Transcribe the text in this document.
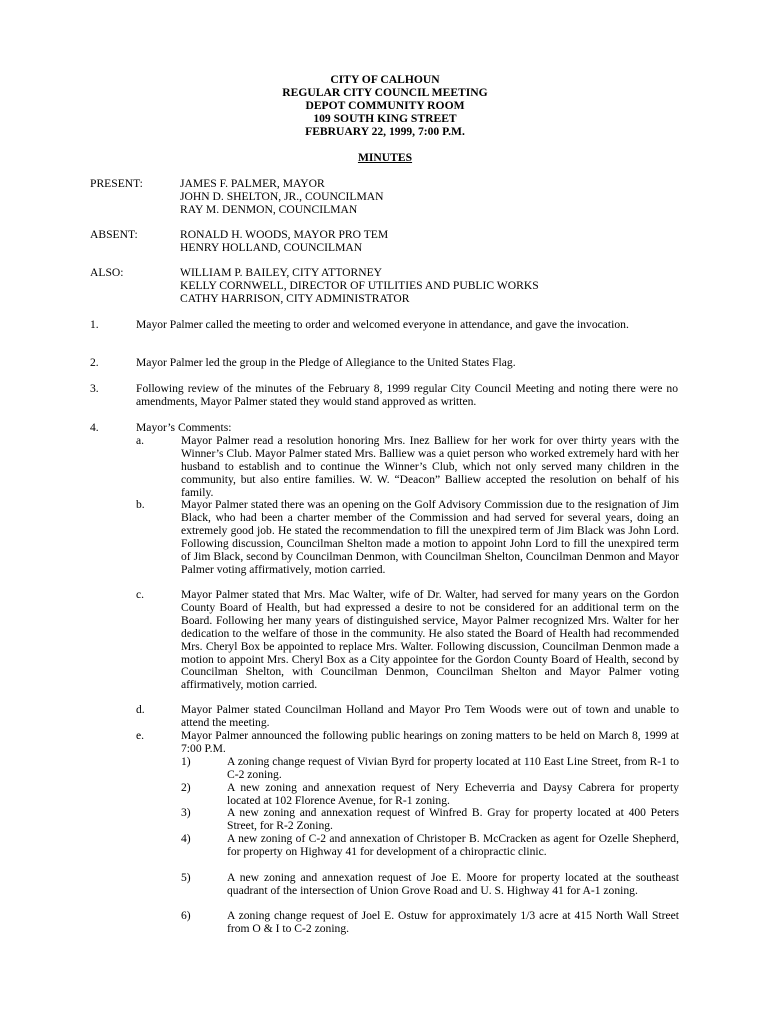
CITY OF CALHOUN
REGULAR CITY COUNCIL MEETING
DEPOT COMMUNITY ROOM
109 SOUTH KING STREET
FEBRUARY 22, 1999, 7:00 P.M.
MINUTES
PRESENT:	JAMES F. PALMER, MAYOR
JOHN D. SHELTON, JR., COUNCILMAN
RAY M. DENMON, COUNCILMAN
ABSENT:	RONALD H. WOODS, MAYOR PRO TEM
HENRY HOLLAND, COUNCILMAN
ALSO:	WILLIAM P. BAILEY, CITY ATTORNEY
KELLY CORNWELL, DIRECTOR OF UTILITIES AND PUBLIC WORKS
CATHY HARRISON, CITY ADMINISTRATOR
1.	Mayor Palmer called the meeting to order and welcomed everyone in attendance, and gave the invocation.
2.	Mayor Palmer led the group in the Pledge of Allegiance to the United States Flag.
3.	Following review of the minutes of the February 8, 1999 regular City Council Meeting and noting there were no amendments, Mayor Palmer stated they would stand approved as written.
4.	Mayor’s Comments:
a.	Mayor Palmer read a resolution honoring Mrs. Inez Balliew for her work for over thirty years with the Winner’s Club. Mayor Palmer stated Mrs. Balliew was a quiet person who worked extremely hard with her husband to establish and to continue the Winner’s Club, which not only served many children in the community, but also entire families. W. W. “Deacon” Balliew accepted the resolution on behalf of his family.
b.	Mayor Palmer stated there was an opening on the Golf Advisory Commission due to the resignation of Jim Black, who had been a charter member of the Commission and had served for several years, doing an extremely good job. He stated the recommendation to fill the unexpired term of Jim Black was John Lord. Following discussion, Councilman Shelton made a motion to appoint John Lord to fill the unexpired term of Jim Black, second by Councilman Denmon, with Councilman Shelton, Councilman Denmon and Mayor Palmer voting affirmatively, motion carried.
c.	Mayor Palmer stated that Mrs. Mac Walter, wife of Dr. Walter, had served for many years on the Gordon County Board of Health, but had expressed a desire to not be considered for an additional term on the Board. Following her many years of distinguished service, Mayor Palmer recognized Mrs. Walter for her dedication to the welfare of those in the community. He also stated the Board of Health had recommended Mrs. Cheryl Box be appointed to replace Mrs. Walter. Following discussion, Councilman Denmon made a motion to appoint Mrs. Cheryl Box as a City appointee for the Gordon County Board of Health, second by Councilman Shelton, with Councilman Denmon, Councilman Shelton and Mayor Palmer voting affirmatively, motion carried.
d.	Mayor Palmer stated Councilman Holland and Mayor Pro Tem Woods were out of town and unable to attend the meeting.
e.	Mayor Palmer announced the following public hearings on zoning matters to be held on March 8, 1999 at 7:00 P.M.
1)	A zoning change request of Vivian Byrd for property located at 110 East Line Street, from R-1 to C-2 zoning.
2)	A new zoning and annexation request of Nery Echeverria and Daysy Cabrera for property located at 102 Florence Avenue, for R-1 zoning.
3)	A new zoning and annexation request of Winfred B. Gray for property located at 400 Peters Street, for R-2 Zoning.
4)	A new zoning of C-2 and annexation of Christoper B. McCracken as agent for Ozelle Shepherd, for property on Highway 41 for development of a chiropractic clinic.
5)	A new zoning and annexation request of Joe E. Moore for property located at the southeast quadrant of the intersection of Union Grove Road and U. S. Highway 41 for A-1 zoning.
6)	A zoning change request of Joel E. Ostuw for approximately 1/3 acre at 415 North Wall Street from O & I to C-2 zoning.
